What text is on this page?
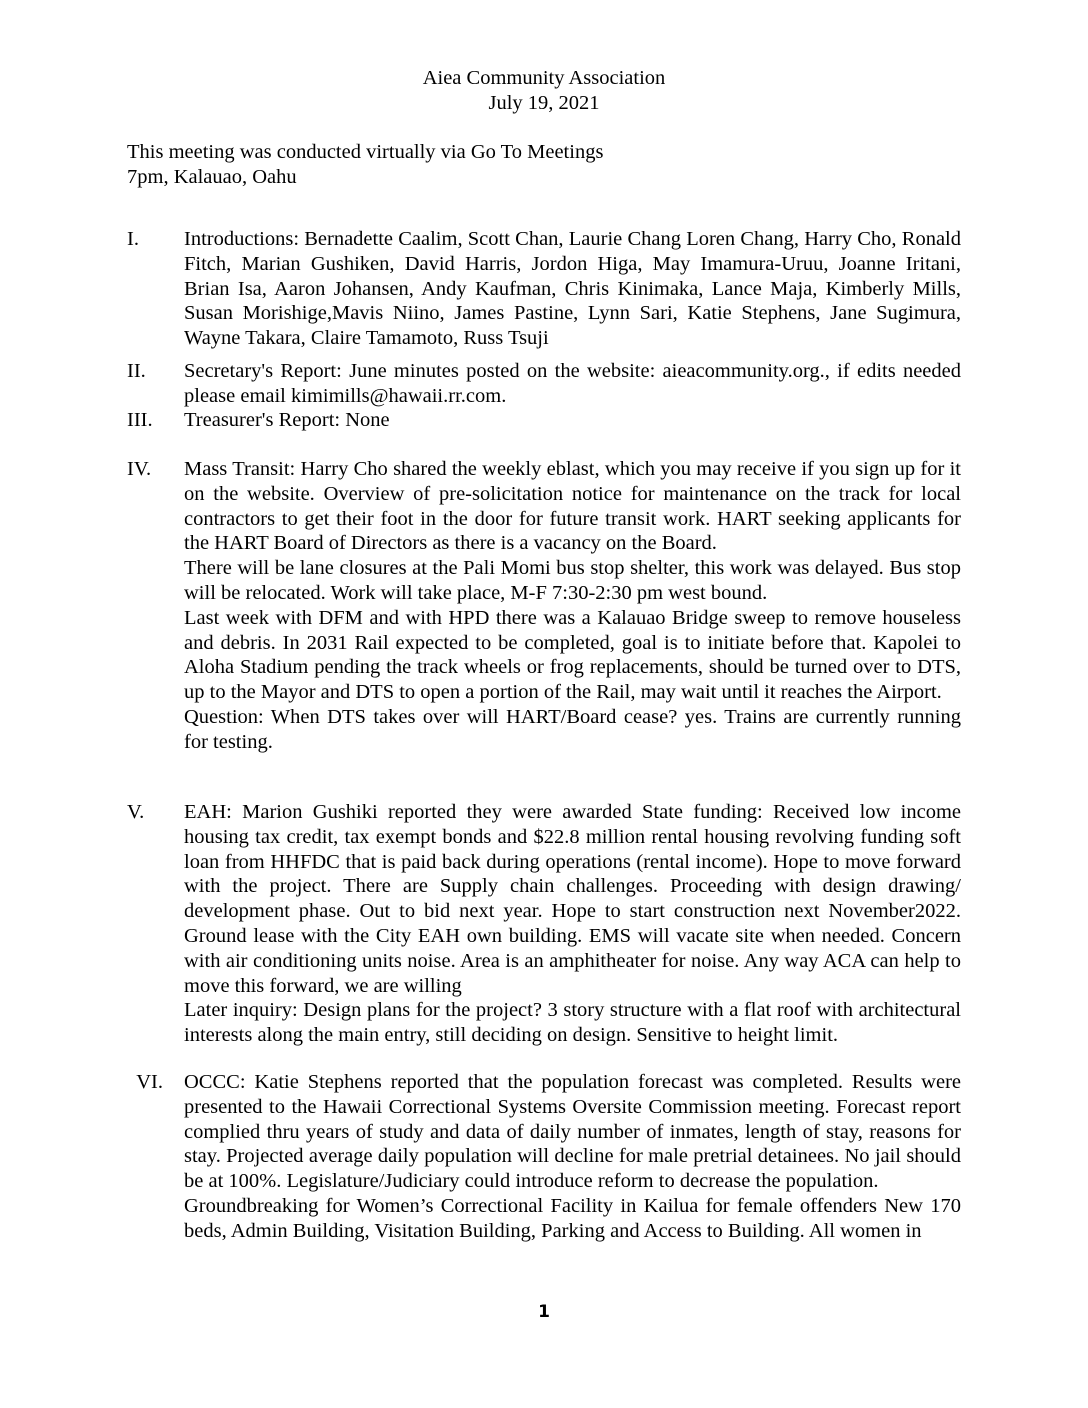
Aiea Community Association
July 19, 2021
This meeting was conducted virtually via Go To Meetings
7pm, Kalauao, Oahu
I.	Introductions: Bernadette Caalim, Scott Chan, Laurie Chang Loren Chang, Harry Cho, Ronald Fitch, Marian Gushiken, David Harris, Jordon Higa, May Imamura-Uruu, Joanne Iritani, Brian Isa, Aaron Johansen, Andy Kaufman, Chris Kinimaka, Lance Maja, Kimberly Mills, Susan Morishige,Mavis Niino, James Pastine, Lynn Sari, Katie Stephens, Jane Sugimura, Wayne Takara, Claire Tamamoto, Russ Tsuji

II.	Secretary's Report: June minutes posted on the website: aieacommunity.org., if edits needed please email kimimills@hawaii.rr.com.

III.	Treasurer's Report: None

IV.	Mass Transit: Harry Cho shared the weekly eblast, which you may receive if you sign up for it on the website. Overview of pre-solicitation notice for maintenance on the track for local contractors to get their foot in the door for future transit work. HART seeking applicants for the HART Board of Directors as there is a vacancy on the Board.

There will be lane closures at the Pali Momi bus stop shelter, this work was delayed. Bus stop will be relocated. Work will take place, M-F 7:30-2:30 pm west bound.

Last week with DFM and with HPD there was a Kalauao Bridge sweep to remove houseless and debris. In 2031 Rail expected to be completed, goal is to initiate before that. Kapolei to Aloha Stadium pending the track wheels or frog replacements, should be turned over to DTS, up to the Mayor and DTS to open a portion of the Rail, may wait until it reaches the Airport.

Question: When DTS takes over will HART/Board cease? yes. Trains are currently running for testing.

V.	EAH: Marion Gushiki reported they were awarded State funding: Received low income housing tax credit, tax exempt bonds and $22.8 million rental housing revolving funding soft loan from HHFDC that is paid back during operations (rental income). Hope to move forward with the project. There are Supply chain challenges. Proceeding with design drawing/ development phase. Out to bid next year. Hope to start construction next November2022. Ground lease with the City EAH own building. EMS will vacate site when needed. Concern with air conditioning units noise. Area is an amphitheater for noise. Any way ACA can help to move this forward, we are willing

Later inquiry: Design plans for the project? 3 story structure with a flat roof with architectural interests along the main entry, still deciding on design. Sensitive to height limit.

VI. OCCC: Katie Stephens reported that the population forecast was completed. Results were presented to the Hawaii Correctional Systems Oversite Commission meeting. Forecast report complied thru years of study and data of daily number of inmates, length of stay, reasons for stay. Projected average daily population will decline for male pretrial detainees. No jail should be at 100%. Legislature/Judiciary could introduce reform to decrease the population.

Groundbreaking for Women’s Correctional Facility in Kailua for female offenders New 170 beds, Admin Building, Visitation Building, Parking and Access to Building. All women in

1
